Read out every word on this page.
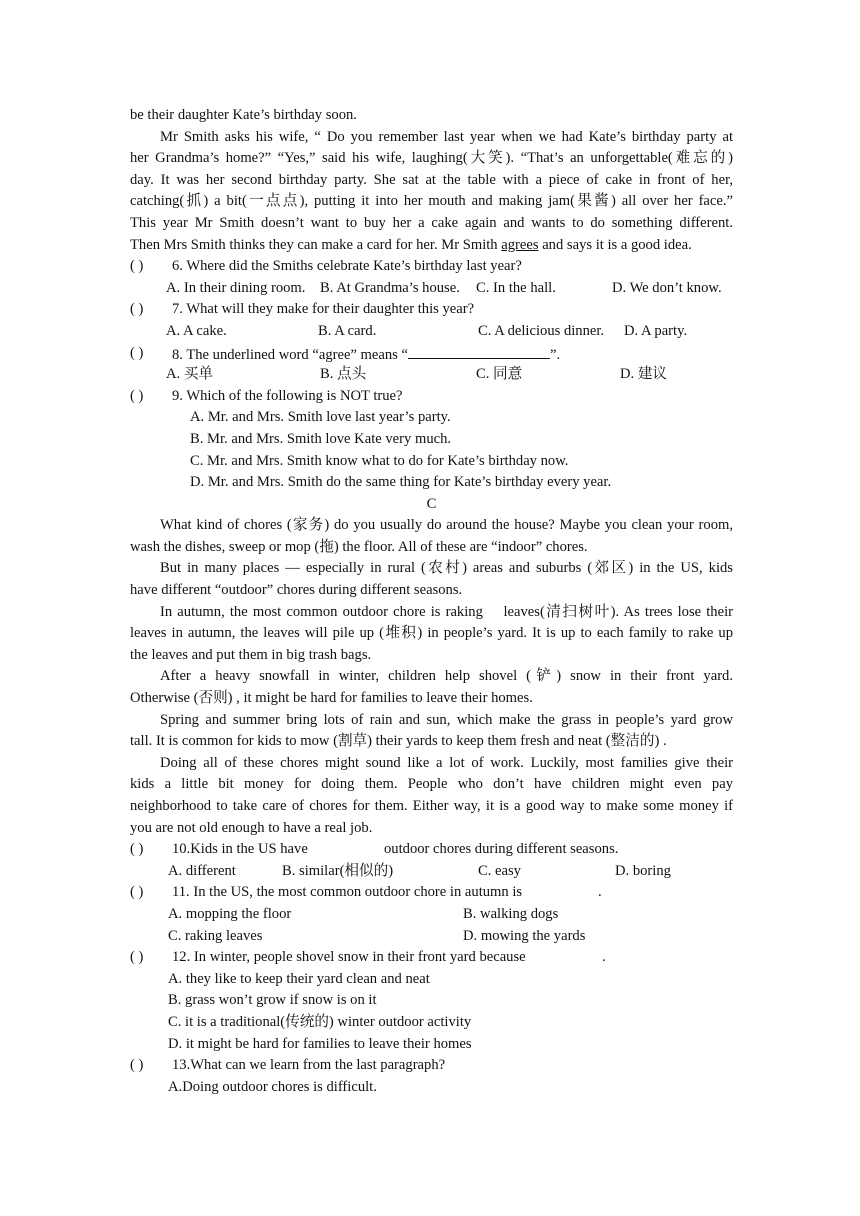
be their daughter Kate’s birthday soon.
Mr Smith asks his wife, “ Do you remember last year when we had Kate’s birthday party at
her Grandma’s home?” “Yes,” said his wife, laughing(大笑). “That’s an unforgettable(难忘的)
day. It was her second birthday party. She sat at the table with a piece of cake in front of her,
catching(抓) a bit(一点点), putting it into her mouth and making jam(果酱) all over her face.”
This year Mr Smith doesn’t want to buy her a cake again and wants to do something different.
Then Mrs Smith thinks they can make a card for her. Mr Smith agrees and says it is a good idea.
( ) 6. Where did the Smiths celebrate Kate’s birthday last year?
A. In their dining room. B. At Grandma’s house. C. In the hall.	D. We don’t know.
( ) 7. What will they make for their daughter this year?
A. A cake.	B. A card.	C. A delicious dinner. D. A party.
( ) 8. The underlined word “agree” means “	”.
A. 买单	B. 点头	C. 同意	D. 建议
( ) 9. Which of the following is NOT true?
A. Mr. and Mrs. Smith love last year’s party.
B. Mr. and Mrs. Smith love Kate very much.
C. Mr. and Mrs. Smith know what to do for Kate’s birthday now.
D. Mr. and Mrs. Smith do the same thing for Kate’s birthday every year.
C
What kind of chores (家务) do you usually do around the house? Maybe you clean your room,
wash the dishes, sweep or mop (拖) the floor. All of these are “indoor” chores.
But in many places — especially in rural (农村) areas and suburbs (郊区) in the US, kids
have different “outdoor” chores during different seasons.
In autumn, the most common outdoor chore is raking    leaves(清扫树叶). As trees lose their
leaves in autumn, the leaves will pile up (堆积) in people’s yard. It is up to each family to rake up
the leaves and put them in big trash bags.
After a heavy snowfall in winter, children help shovel (铲) snow in their front yard.
Otherwise (否则) , it might be hard for families to leave their homes.
Spring and summer bring lots of rain and sun, which make the grass in people’s yard grow
tall. It is common for kids to mow (割草) their yards to keep them fresh and neat (整洁的) .
Doing all of these chores might sound like a lot of work. Luckily, most families give their
kids a little bit money for doing them. People who don’t have children might even pay
neighborhood to take care of chores for them. Either way, it is a good way to make some money if
you are not old enough to have a real job.
( ) 10.Kids in the US have	outdoor chores during different seasons.
A. different	B. similar(相似的)	C. easy	D. boring
( ) 11. In the US, the most common outdoor chore in autumn is	.
A. mopping the floor	B. walking dogs
C. raking leaves	D. mowing the yards
( ) 12. In winter, people shovel snow in their front yard because	.
A. they like to keep their yard clean and neat
B. grass won’t grow if snow is on it
C. it is a traditional(传统的) winter outdoor activity
D. it might be hard for families to leave their homes
( ) 13.What can we learn from the last paragraph?
A.Doing outdoor chores is difficult.
